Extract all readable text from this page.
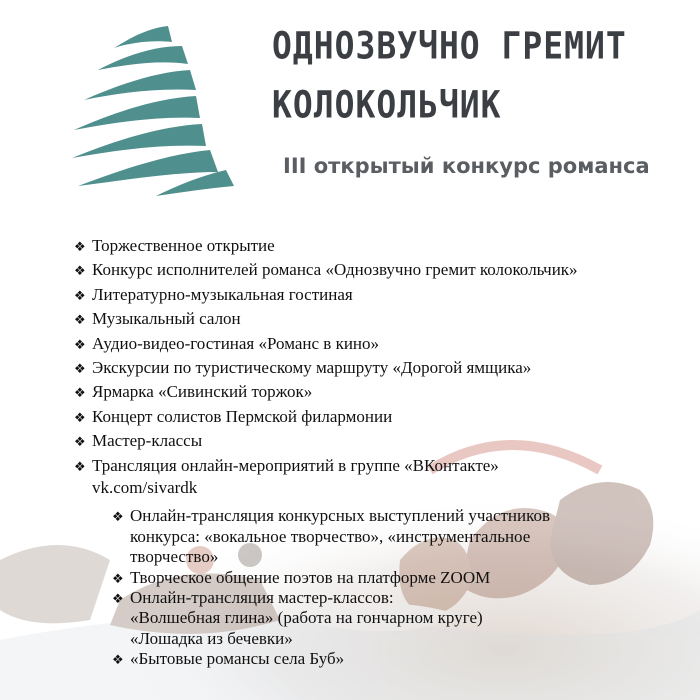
ОДНОЗВУЧНО ГРЕМИТ
КОЛОКОЛЬЧИК
III открытый конкурс романса
❖ Торжественное открытие
❖ Конкурс исполнителей романса «Однозвучно гремит колокольчик»
❖ Литературно-музыкальная гостиная
❖ Музыкальный салон
❖ Аудио-видео-гостиная «Романс в кино»
❖ Экскурсии по туристическому маршруту «Дорогой ямщика»
❖ Ярмарка «Сивинский торжок»
❖ Концерт солистов Пермской филармонии
❖ Мастер-классы
❖ Трансляция онлайн-мероприятий в группе «ВКонтакте»
vk.com/sivardk
❖ Онлайн-трансляция конкурсных выступлений участников
конкурса: «вокальное творчество», «инструментальное
творчество»
❖ Творческое общение поэтов на платформе ZOOM
❖ Онлайн-трансляция мастер-классов:
«Волшебная глина» (работа на гончарном круге)
«Лошадка из бечевки»
❖ «Бытовые романсы села Буб»
